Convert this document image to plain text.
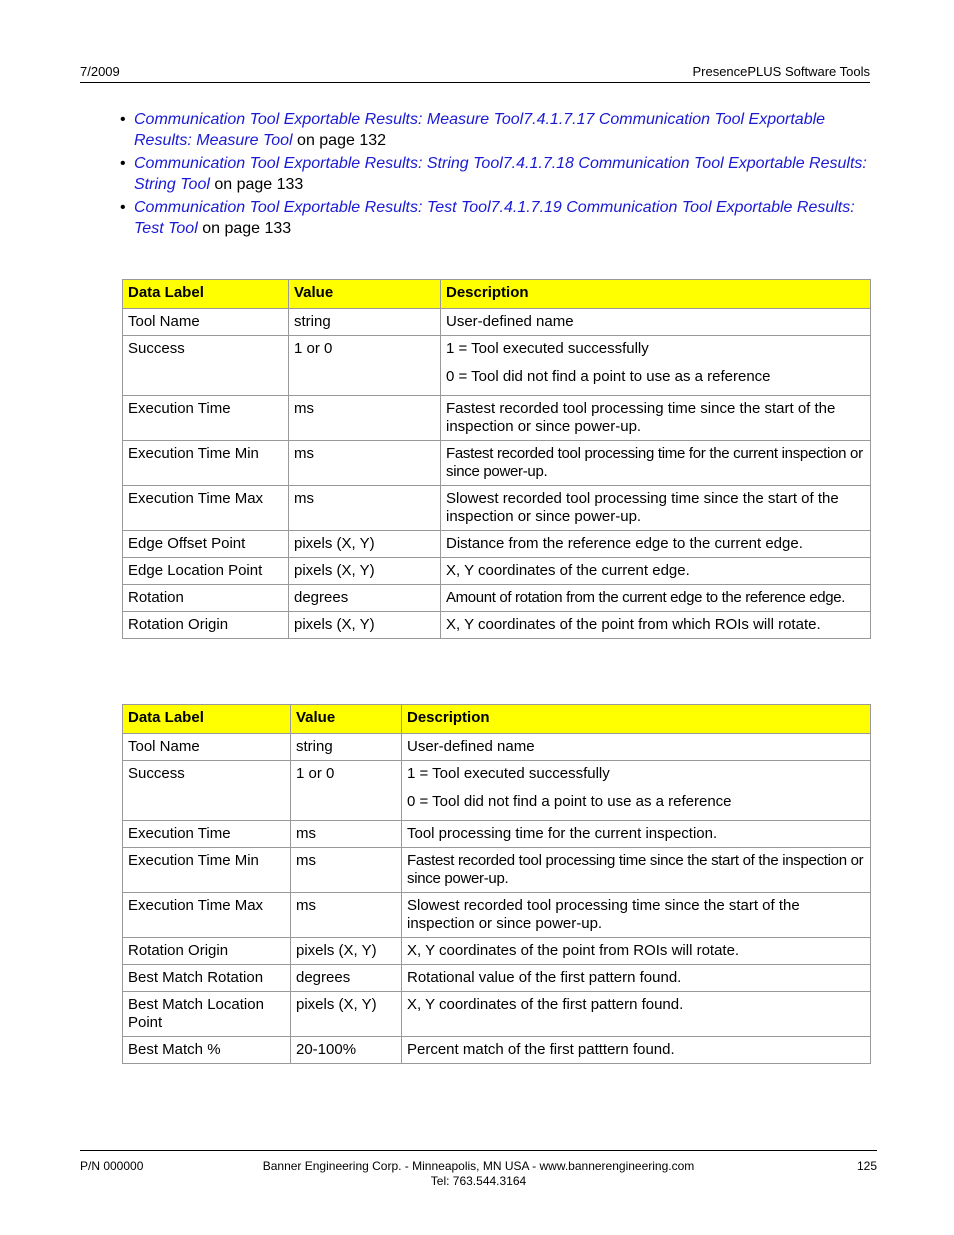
7/2009	PresencePLUS Software Tools
• Communication Tool Exportable Results: Measure Tool7.4.1.7.17 Communication Tool Exportable Results: Measure Tool on page 132
• Communication Tool Exportable Results: String Tool7.4.1.7.18 Communication Tool Exportable Results: String Tool on page 133
• Communication Tool Exportable Results: Test Tool7.4.1.7.19 Communication Tool Exportable Results: Test Tool on page 133
Data Label	Value	Description
Tool Name	string	User-defined name

Success	1 or 0	1 = Tool executed successfully

0 = Tool did not find a point to use as a reference

Execution Time	ms	Fastest recorded tool processing time since the start of the inspection or since power-up.

Execution Time Min	ms	Fastest recorded tool processing time for the current inspection or since power-up.

Execution Time Max	ms	Slowest recorded tool processing time since the start of the inspection or since power-up.

Edge Offset Point	pixels (X, Y)	Distance from the reference edge to the current edge.

Edge Location Point	pixels (X, Y)	X, Y coordinates of the current edge.

Rotation	degrees	Amount of rotation from the current edge to the reference edge.

Rotation Origin	pixels (X, Y)	X, Y coordinates of the point from which ROIs will rotate.

Data Label	Value	Description
Tool Name	string	User-defined name

Success	1 or 0	1 = Tool executed successfully

0 = Tool did not find a point to use as a reference

Execution Time	ms	Tool processing time for the current inspection.

Execution Time Min	ms	Fastest recorded tool processing time since the start of the inspection or since power-up.

Execution Time Max	ms	Slowest recorded tool processing time since the start of the inspection or since power-up.

Rotation Origin	pixels (X, Y)	X, Y coordinates of the point from ROIs will rotate.

Best Match Rotation	degrees	Rotational value of the first pattern found.

Best Match Location Point	pixels (X, Y)	X, Y coordinates of the first pattern found.

Best Match %	20-100%	Percent match of the first patttern found.

P/N 000000	Banner Engineering Corp. - Minneapolis, MN USA - www.bannerengineering.com
Tel: 763.544.3164
125
